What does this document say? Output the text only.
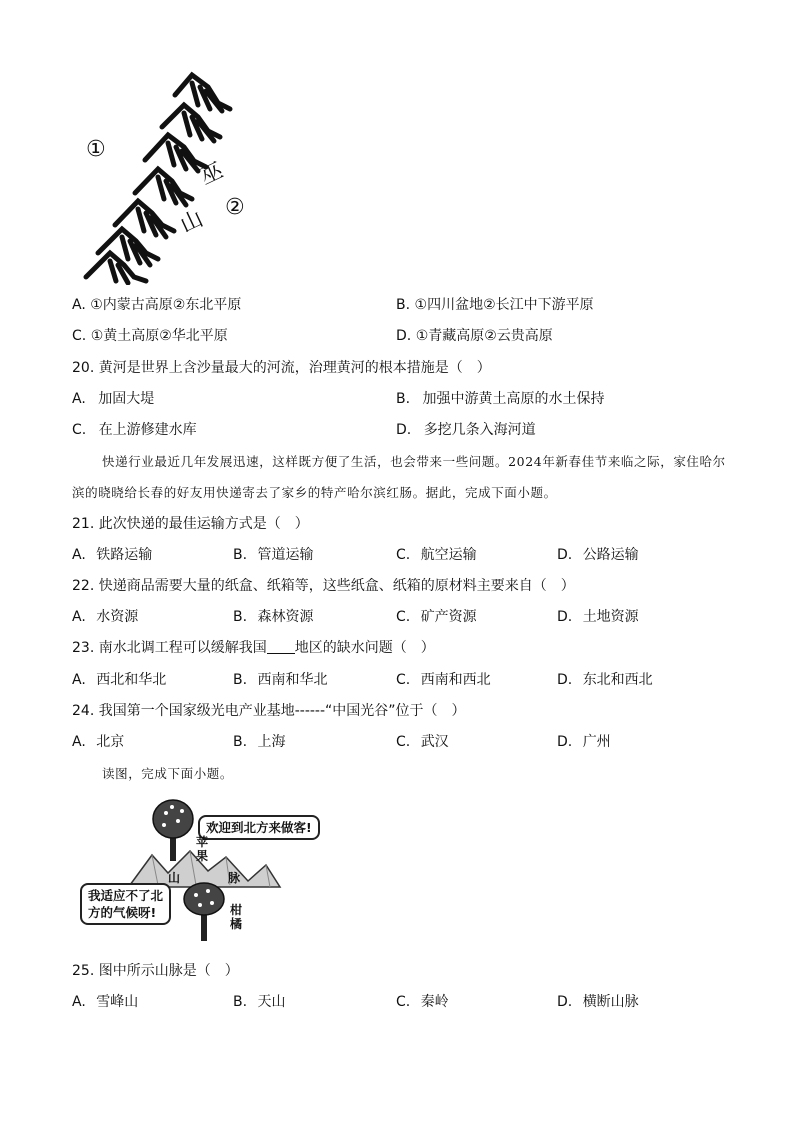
①
②
巫
山
A. ①内蒙古高原②东北平原	B. ①四川盆地②长江中下游平原
C. ①黄土高原②华北平原	D. ①青藏高原②云贵高原
20. 黄河是世界上含沙量最大的河流，治理黄河的根本措施是（　）
A. 加固大堤	B. 加强中游黄土高原的水土保持
C. 在上游修建水库	D. 多挖几条入海河道
快递行业最近几年发展迅速，这样既方便了生活，也会带来一些问题。2024年新春佳节来临之际，家住哈尔滨的晓晓给长春的好友用快递寄去了家乡的特产哈尔滨红肠。据此，完成下面小题。
21. 此次快递的最佳运输方式是（　）
A. 铁路运输	B. 管道运输	C. 航空运输	D. 公路运输
22. 快递商品需要大量的纸盒、纸箱等，这些纸盒、纸箱的原材料主要来自（　）
A. 水资源	B. 森林资源	C. 矿产资源	D. 土地资源
23. 南水北调工程可以缓解我国 地区的缺水问题（　）
A. 西北和华北	B. 西南和华北	C. 西南和西北	D. 东北和西北
24. 我国第一个国家级光电产业基地------“中国光谷”位于（　）
A. 北京	B. 上海	C. 武汉	D. 广州
读图，完成下面小题。
欢迎到北方来做客!
我适应不了北
方的气候呀!
苹
果
山	脉
柑
橘
25. 图中所示山脉是（　）
A. 雪峰山	B. 天山	C. 秦岭	D. 横断山脉
